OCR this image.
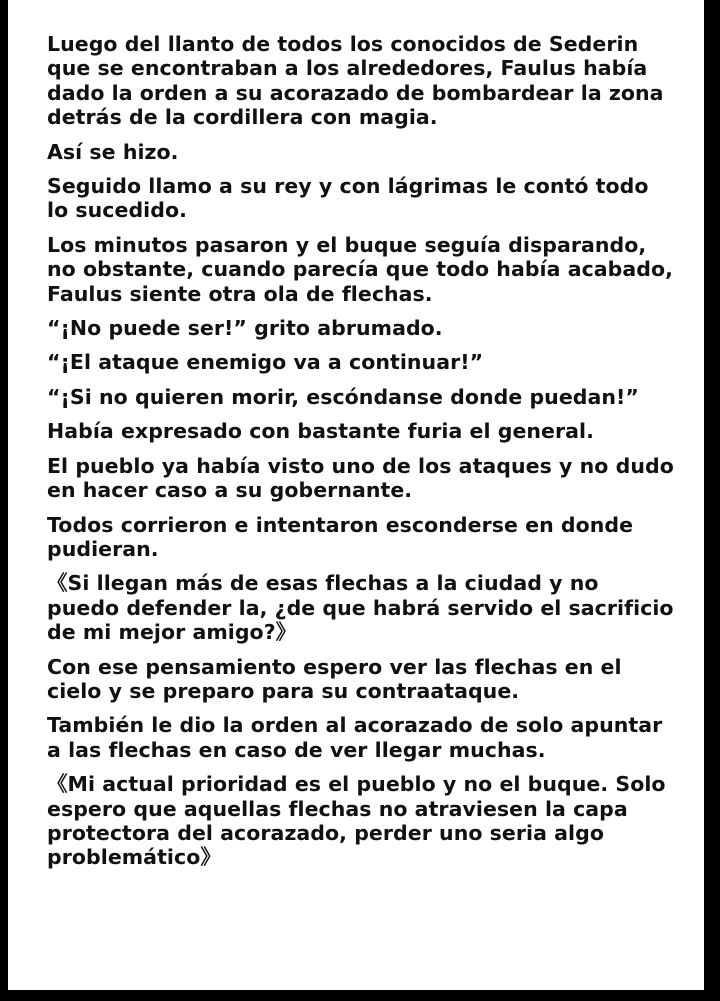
Luego del llanto de todos los conocidos de Sederin que se encontraban a los alrededores, Faulus había dado la orden a su acorazado de bombardear la zona detrás de la cordillera con magia.

Así se hizo.

Seguido llamo a su rey y con lágrimas le contó todo lo sucedido.

Los minutos pasaron y el buque seguía disparando, no obstante, cuando parecía que todo había acabado, Faulus siente otra ola de flechas.

“¡No puede ser!” grito abrumado.

“¡El ataque enemigo va a continuar!”

“¡Si no quieren morir, escóndanse donde puedan!”

Había expresado con bastante furia el general.

El pueblo ya había visto uno de los ataques y no dudo en hacer caso a su gobernante.

Todos corrieron e intentaron esconderse en donde pudieran.

《Si llegan más de esas flechas a la ciudad y no puedo defender la, ¿de que habrá servido el sacrificio de mi mejor amigo?》

Con ese pensamiento espero ver las flechas en el cielo y se preparo para su contraataque.

También le dio la orden al acorazado de solo apuntar a las flechas en caso de ver llegar muchas.

《Mi actual prioridad es el pueblo y no el buque. Solo espero que aquellas flechas no atraviesen la capa protectora del acorazado, perder uno seria algo problemático》
